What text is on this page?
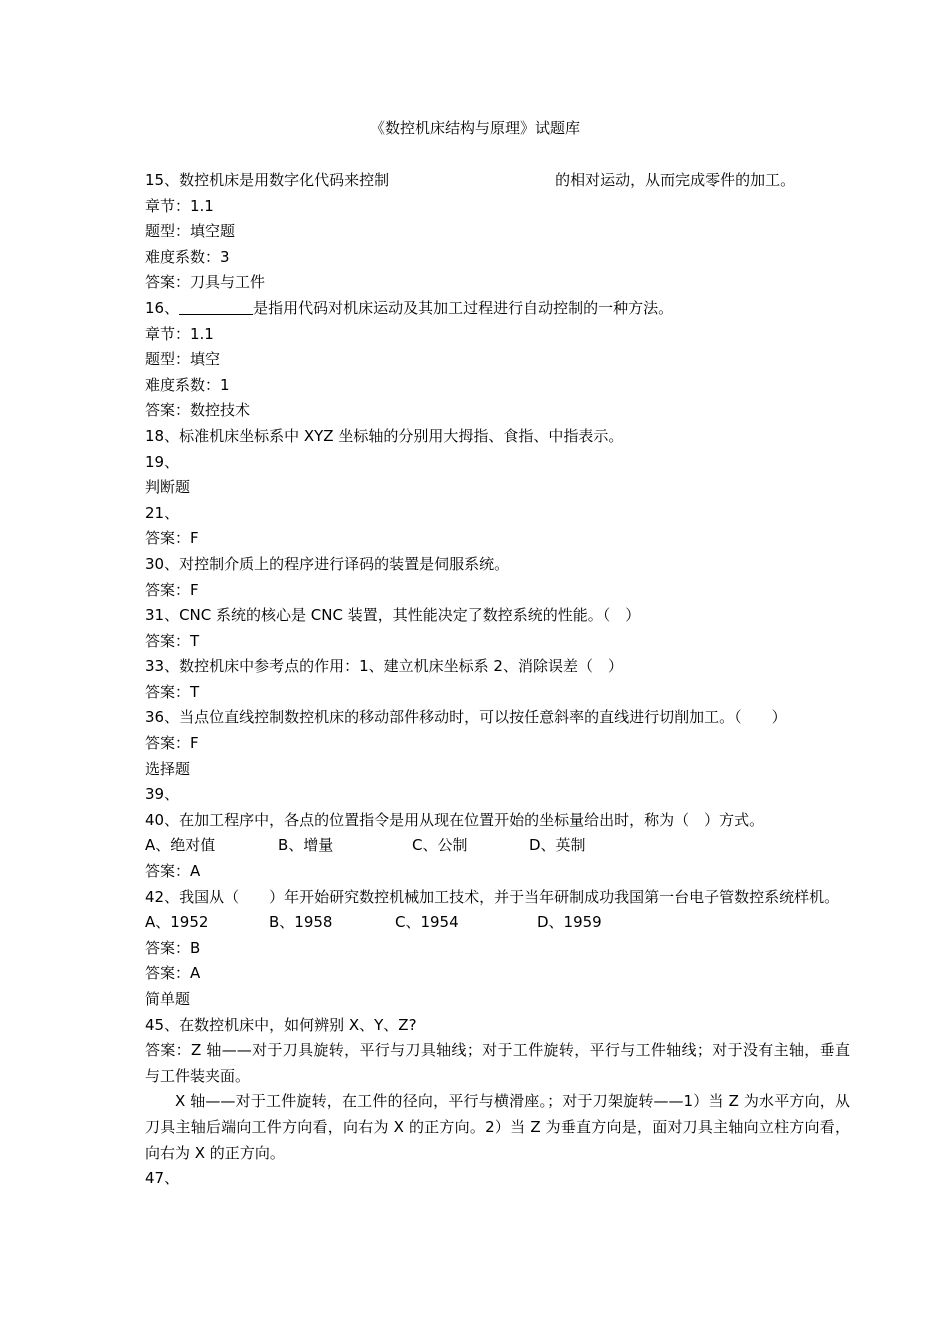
《数控机床结构与原理》试题库
15、数控机床是用数字化代码来控制	的相对运动，从而完成零件的加工。
章节：1.1
题型：填空题
难度系数：3
答案：刀具与工件
16、	是指用代码对机床运动及其加工过程进行自动控制的一种方法。
章节：1.1
题型：填空
难度系数：1
答案：数控技术
18、标准机床坐标系中 XYZ 坐标轴的分别用大拇指、食指、中指表示。
19、
判断题
21、
答案：F
30、对控制介质上的程序进行译码的装置是伺服系统。
答案：F
31、CNC 系统的核心是 CNC 装置，其性能决定了数控系统的性能。（　）
答案：T
33、数控机床中参考点的作用：1、建立机床坐标系 2、消除误差（　）
答案：T
36、当点位直线控制数控机床的移动部件移动时，可以按任意斜率的直线进行切削加工。（　　）
答案：F
选择题
39、
40、在加工程序中，各点的位置指令是用从现在位置开始的坐标量给出时，称为（　）方式。
A、绝对值	B、增量	C、公制	D、英制
答案：A
42、我国从（　　）年开始研究数控机械加工技术，并于当年研制成功我国第一台电子管数控系统样机。
A、1952	B、1958	C、1954	D、1959
答案：B
答案：A
简单题
45、在数控机床中，如何辨别 X、Y、Z?
答案：Z 轴——对于刀具旋转，平行与刀具轴线；对于工件旋转，平行与工件轴线；对于没有主轴，垂直与工件装夹面。
X 轴——对于工件旋转，在工件的径向，平行与横滑座。；对于刀架旋转——1）当 Z 为水平方向，从刀具主轴后端向工件方向看，向右为 X 的正方向。2）当 Z 为垂直方向是，面对刀具主轴向立柱方向看，向右为 X 的正方向。
47、
